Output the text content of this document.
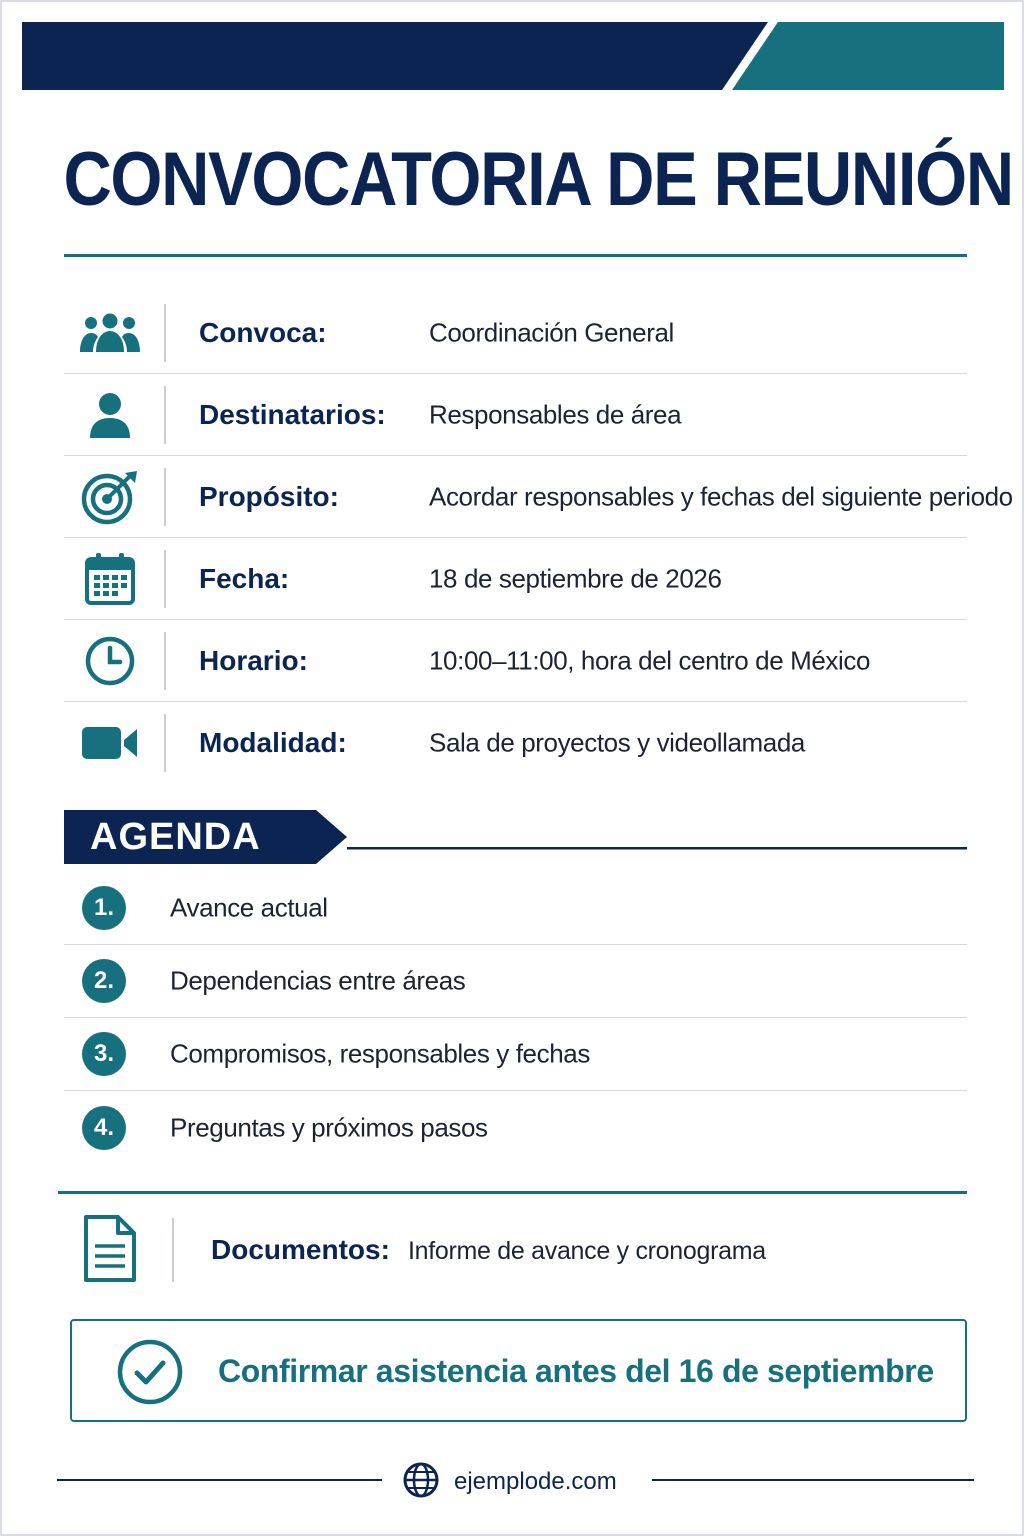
CONVOCATORIA DE REUNIÓN
Convoca:	Coordinación General
Destinatarios: Responsables de área
Propósito:	Acordar responsables y fechas del siguiente periodo
Fecha:	18 de septiembre de 2026
Horario:	10:00–11:00, hora del centro de México
Modalidad:	Sala de proyectos y videollamada
AGENDA
1.	Avance actual
2.	Dependencias entre áreas
3.	Compromisos, responsables y fechas
4.	Preguntas y próximos pasos
Documentos: Informe de avance y cronograma
Confirmar asistencia antes del 16 de septiembre
ejemplode.com
